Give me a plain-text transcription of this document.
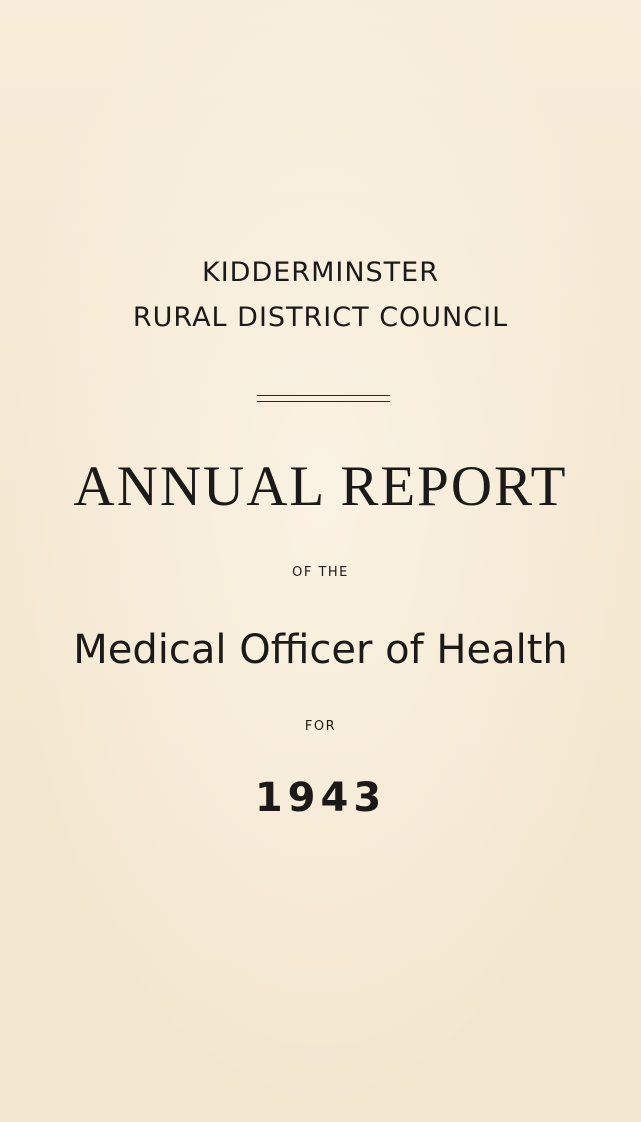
KIDDERMINSTER
RURAL DISTRICT COUNCIL
ANNUAL REPORT
OF THE
Medical Officer of Health
FOR
1943
